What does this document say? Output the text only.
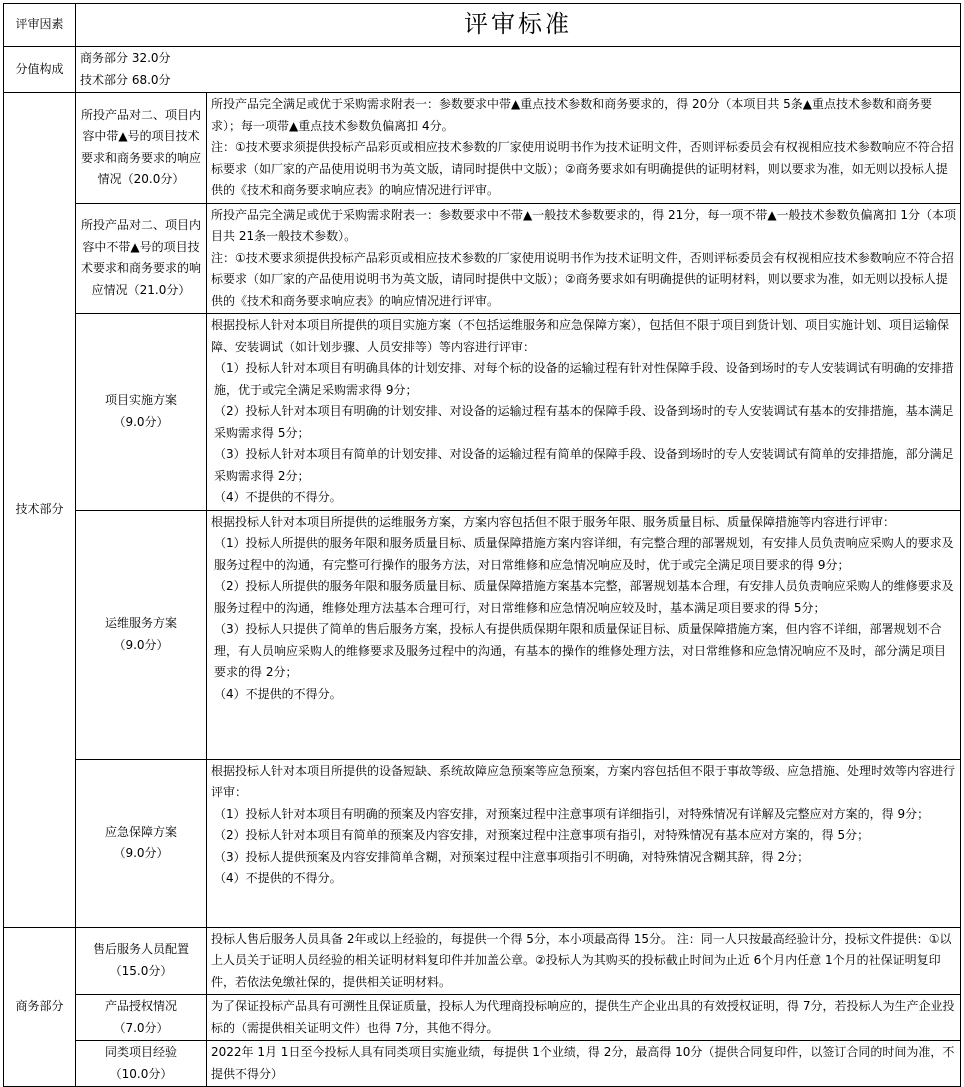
评审因素	评审标准	
分值构成	商务部分 32.0分
技术部分 68.0分	

技术部分	所投产品对二、项目内容中带▲号的项目技术要求和商务要求的响应情况（20.0分）	所投产品完全满足或优于采购需求附表一：参数要求中带▲重点技术参数和商务要求的，得 20分（本项目共 5条▲重点技术参数和商务要求）；每一项带▲重点技术参数负偏离扣 4分。
注：①技术要求须提供投标产品彩页或相应技术参数的厂家使用说明书作为技术证明文件，否则评标委员会有权视相应技术参数响应不符合招标要求（如厂家的产品使用说明书为英文版，请同时提供中文版）；②商务要求如有明确提供的证明材料，则以要求为准，如无则以投标人提供的《技术和商务要求响应表》的响应情况进行评审。

	所投产品对二、项目内容中不带▲号的项目技术要求和商务要求的响应情况（21.0分）	所投产品完全满足或优于采购需求附表一：参数要求中不带▲一般技术参数要求的，得 21分，每一项不带▲一般技术参数负偏离扣 1分（本项目共 21条一般技术参数）。
注：①技术要求须提供投标产品彩页或相应技术参数的厂家使用说明书作为技术证明文件，否则评标委员会有权视相应技术参数响应不符合招标要求（如厂家的产品使用说明书为英文版，请同时提供中文版）；②商务要求如有明确提供的证明材料，则以要求为准，如无则以投标人提供的《技术和商务要求响应表》的响应情况进行评审。

	项目实施方案
（9.0分）	根据投标人针对本项目所提供的项目实施方案（不包括运维服务和应急保障方案），包括但不限于项目到货计划、项目实施计划、项目运输保障、安装调试（如计划步骤、人员安排等）等内容进行评审：
（1）投标人针对本项目有明确具体的计划安排、对每个标的设备的运输过程有针对性保障手段、设备到场时的专人安装调试有明确的安排措施，优于或完全满足采购需求得 9分；
（2）投标人针对本项目有明确的计划安排、对设备的运输过程有基本的保障手段、设备到场时的专人安装调试有基本的安排措施，基本满足采购需求得 5分；
（3）投标人针对本项目有简单的计划安排、对设备的运输过程有简单的保障手段、设备到场时的专人安装调试有简单的安排措施，部分满足采购需求得 2分；
（4）不提供的不得分。

	运维服务方案
（9.0分）	根据投标人针对本项目所提供的运维服务方案，方案内容包括但不限于服务年限、服务质量目标、质量保障措施等内容进行评审：
（1）投标人所提供的服务年限和服务质量目标、质量保障措施方案内容详细，有完整合理的部署规划，有安排人员负责响应采购人的要求及服务过程中的沟通，有完整可行操作的服务方法，对日常维修和应急情况响应及时，优于或完全满足项目要求的得 9分；
（2）投标人所提供的服务年限和服务质量目标、质量保障措施方案基本完整，部署规划基本合理，有安排人员负责响应采购人的维修要求及服务过程中的沟通，维修处理方法基本合理可行，对日常维修和应急情况响应较及时，基本满足项目要求的得 5分；
（3）投标人只提供了简单的售后服务方案，投标人有提供质保期年限和质量保证目标、质量保障措施方案，但内容不详细，部署规划不合理，有人员响应采购人的维修要求及服务过程中的沟通，有基本的操作的维修处理方法，对日常维修和应急情况响应不及时，部分满足项目要求的得 2分；
（4）不提供的不得分。

	应急保障方案
（9.0分）	根据投标人针对本项目所提供的设备短缺、系统故障应急预案等应急预案，方案内容包括但不限于事故等级、应急措施、处理时效等内容进行评审：
（1）投标人针对本项目有明确的预案及内容安排，对预案过程中注意事项有详细指引，对特殊情况有详解及完整应对方案的，得 9分；
（2）投标人针对本项目有简单的预案及内容安排，对预案过程中注意事项有指引，对特殊情况有基本应对方案的，得 5分；
（3）投标人提供预案及内容安排简单含糊，对预案过程中注意事项指引不明确，对特殊情况含糊其辞，得 2分；
（4）不提供的不得分。

商务部分	售后服务人员配置
（15.0分）	投标人售后服务人员具备 2年或以上经验的，每提供一个得 5分，本小项最高得 15分。 注：同一人只按最高经验计分，投标文件提供：①以上人员关于证明人员经验的相关证明材料复印件并加盖公章。②投标人为其购买的投标截止时间为止近 6个月内任意 1个月的社保证明复印件，若依法免缴社保的，提供相关证明材料。

	产品授权情况
（7.0分）	为了保证投标产品具有可溯性且保证质量，投标人为代理商投标响应的，提供生产企业出具的有效授权证明，得 7分，若投标人为生产企业投标的（需提供相关证明文件）也得 7分，其他不得分。

	同类项目经验
（10.0分）	2022年 1月 1日至今投标人具有同类项目实施业绩，每提供 1个业绩，得 2分，最高得 10分（提供合同复印件，以签订合同的时间为准，不提供不得分）
